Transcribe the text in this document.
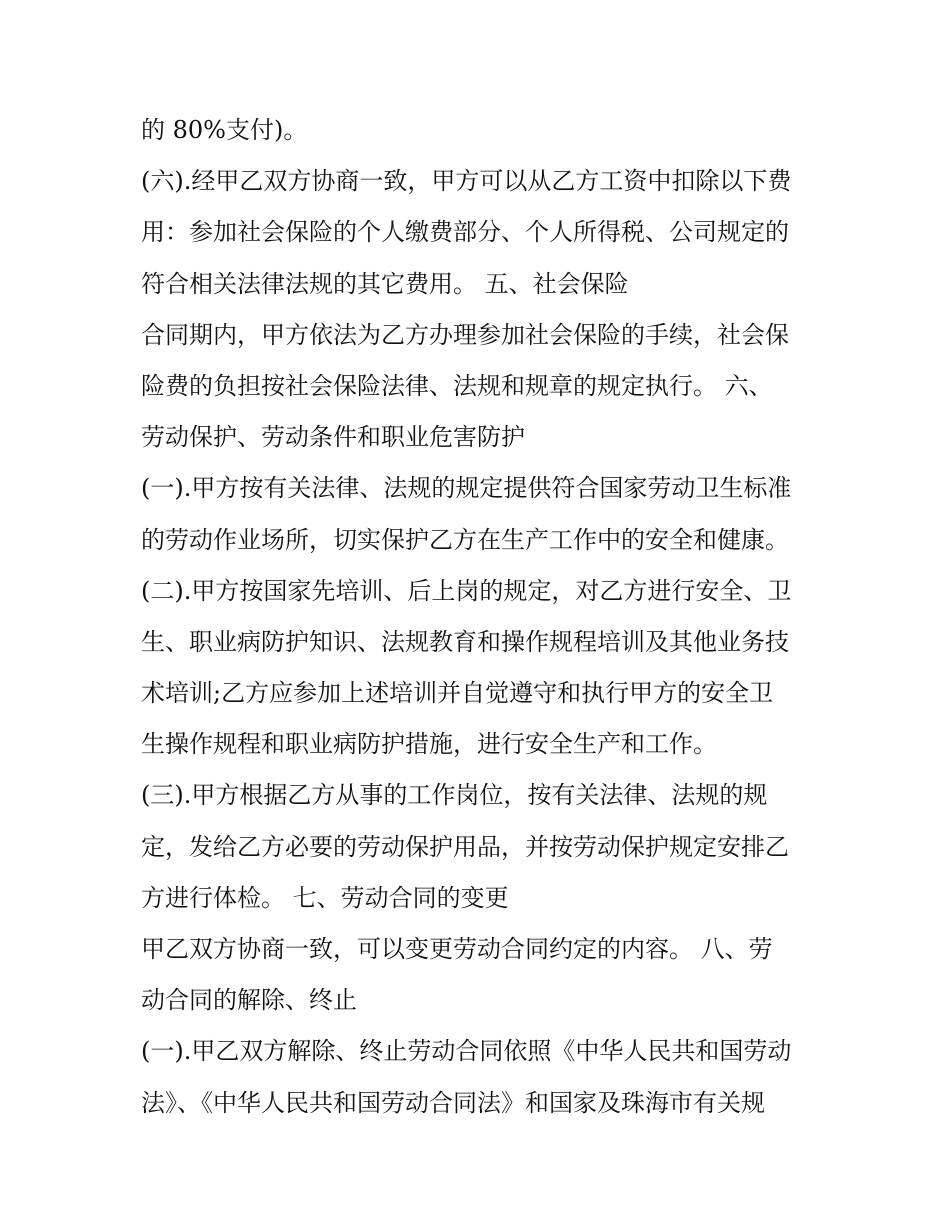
的 80%支付)。
(六).经甲乙双方协商一致，甲方可以从乙方工资中扣除以下费
用：参加社会保险的个人缴费部分、个人所得税、公司规定的
符合相关法律法规的其它费用。 五、社会保险
合同期内，甲方依法为乙方办理参加社会保险的手续，社会保
险费的负担按社会保险法律、法规和规章的规定执行。 六、
劳动保护、劳动条件和职业危害防护
(一).甲方按有关法律、法规的规定提供符合国家劳动卫生标准
的劳动作业场所，切实保护乙方在生产工作中的安全和健康。
(二).甲方按国家先培训、后上岗的规定，对乙方进行安全、卫
生、职业病防护知识、法规教育和操作规程培训及其他业务技
术培训;乙方应参加上述培训并自觉遵守和执行甲方的安全卫
生操作规程和职业病防护措施，进行安全生产和工作。
(三).甲方根据乙方从事的工作岗位，按有关法律、法规的规
定，发给乙方必要的劳动保护用品，并按劳动保护规定安排乙
方进行体检。 七、劳动合同的变更
甲乙双方协商一致，可以变更劳动合同约定的内容。 八、劳
动合同的解除、终止
(一).甲乙双方解除、终止劳动合同依照《中华人民共和国劳动
法》、《中华人民共和国劳动合同法》和国家及珠海市有关规
